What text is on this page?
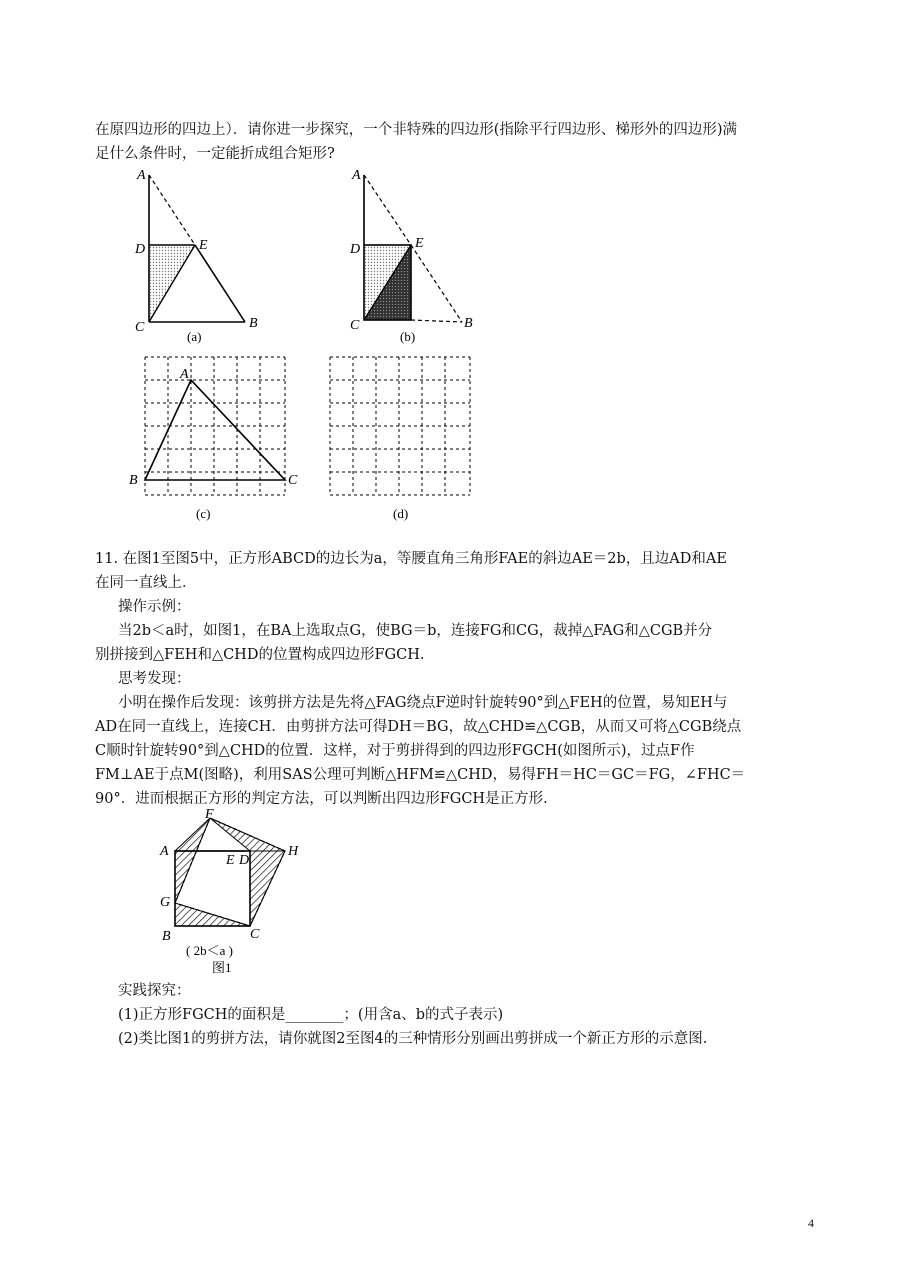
在原四边形的四边上）．请你进一步探究，一个非特殊的四边形(指除平行四边形、梯形外的四边形)满
足什么条件时，一定能折成组合矩形?
A
D	E
C	B
(a)
A
D	E
C	B
(b)
A
B	C
(c)	(d)
11. 在图1至图5中，正方形ABCD的边长为a，等腰直角三角形FAE的斜边AE＝2b，且边AD和AE
在同一直线上．
操作示例：
当2b＜a时，如图1，在BA上选取点G，使BG＝b，连接FG和CG，裁掉△FAG和△CGB并分
别拼接到△FEH和△CHD的位置构成四边形FGCH.
思考发现：
小明在操作后发现：该剪拼方法是先将△FAG绕点F逆时针旋转90°到△FEH的位置，易知EH与
AD在同一直线上，连接CH．由剪拼方法可得DH＝BG，故△CHD≌△CGB，从而又可将△CGB绕点
C顺时针旋转90°到△CHD的位置．这样，对于剪拼得到的四边形FGCH(如图所示)，过点F作
FM⊥AE于点M(图略)，利用SAS公理可判断△HFM≌△CHD，易得FH＝HC＝GC＝FG，∠FHC＝
90°．进而根据正方形的判定方法，可以判断出四边形FGCH是正方形.
F
A
E D
H
G
B	C
( 2b＜a )
图1
实践探究：
(1)正方形FGCH的面积是________；(用含a、b的式子表示)
(2)类比图1的剪拼方法，请你就图2至图4的三种情形分别画出剪拼成一个新正方形的示意图.
4
